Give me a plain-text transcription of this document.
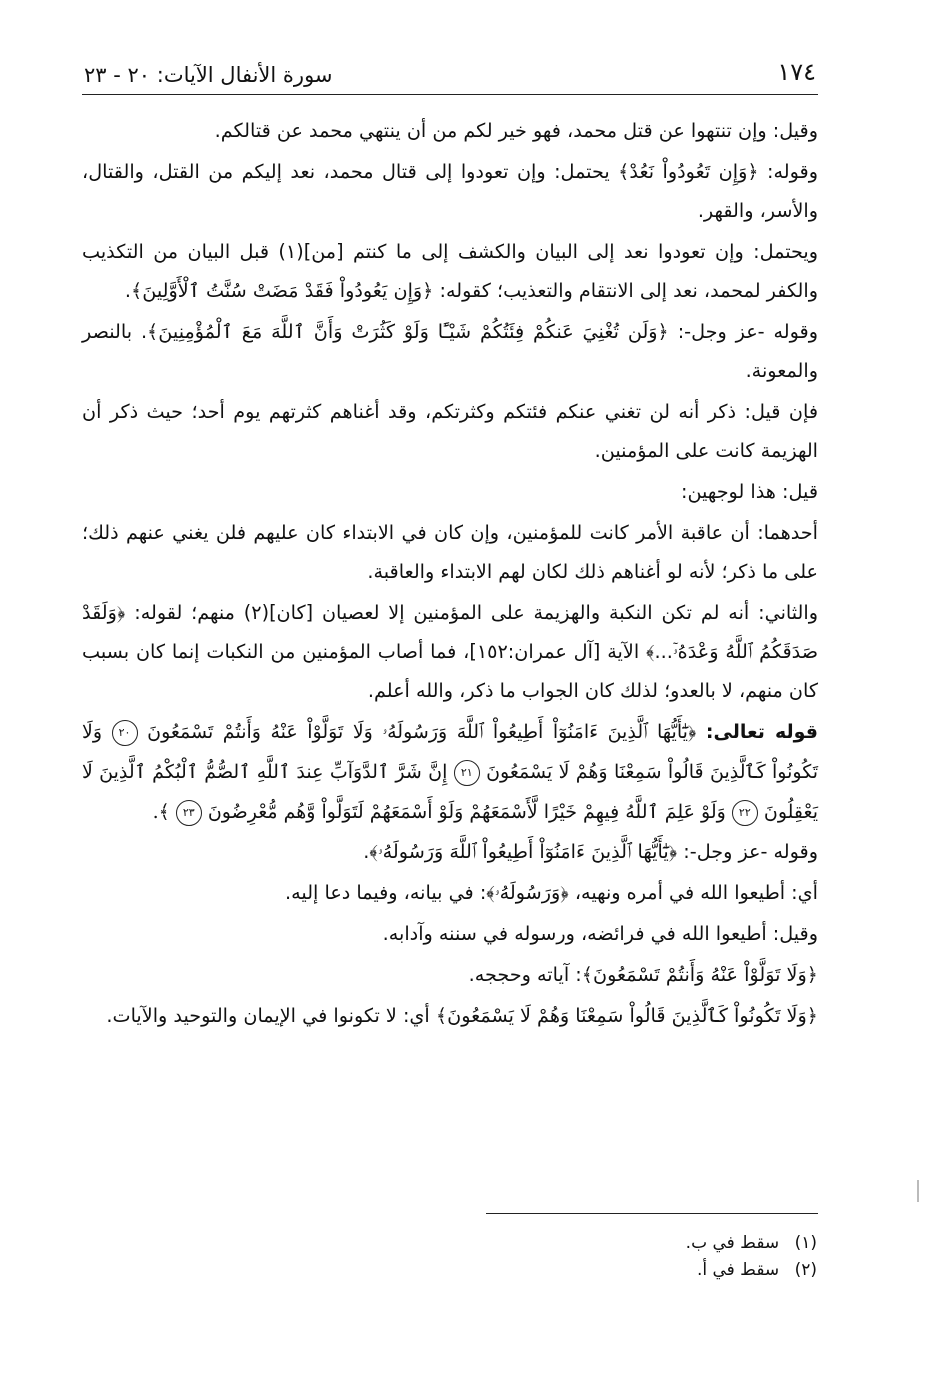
١٧٤
سورة الأنفال الآيات: ٢٠ - ٢٣

وقيل: وإن تنتهوا عن قتل محمد، فهو خير لكم من أن ينتهي محمد عن قتالكم.

وقوله: ﴿وَإِن تَعُودُواْ نَعُدْ﴾ يحتمل: وإن تعودوا إلى قتال محمد، نعد إليكم من القتل، والقتال، والأسر، والقهر.

ويحتمل: وإن تعودوا نعد إلى البيان والكشف إلى ما كنتم [من](١) قبل البيان من التكذيب والكفر لمحمد، نعد إلى الانتقام والتعذيب؛ كقوله: ﴿وَإِن يَعُودُواْ فَقَدْ مَضَتْ سُنَّتُ ٱلْأَوَّلِينَ﴾.

وقوله -عز وجل-: ﴿وَلَن تُغْنِيَ عَنكُمْ فِئَتُكُمْ شَيْـًٔا وَلَوْ كَثُرَتْ وَأَنَّ ٱللَّهَ مَعَ ٱلْمُؤْمِنِينَ﴾. بالنصر والمعونة.

فإن قيل: ذكر أنه لن تغني عنكم فئتكم وكثرتكم، وقد أغناهم كثرتهم يوم أحد؛ حيث ذكر أن الهزيمة كانت على المؤمنين.

قيل: هذا لوجهين:

أحدهما: أن عاقبة الأمر كانت للمؤمنين، وإن كان في الابتداء كان عليهم فلن يغني عنهم ذلك؛ على ما ذكر؛ لأنه لو أغناهم ذلك لكان لهم الابتداء والعاقبة.

والثاني: أنه لم تكن النكبة والهزيمة على المؤمنين إلا لعصيان [كان](٢) منهم؛ لقوله: ﴿وَلَقَدْ صَدَقَكُمُ ٱللَّهُ وَعْدَهُۥٓ...﴾ الآية [آل عمران:١٥٢]، فما أصاب المؤمنين من النكبات إنما كان بسبب كان منهم، لا بالعدو؛ لذلك كان الجواب ما ذكر، والله أعلم.

قوله تعالى: ﴿يَٰٓأَيُّهَا ٱلَّذِينَ ءَامَنُوٓاْ أَطِيعُواْ ٱللَّهَ وَرَسُولَهُۥ وَلَا تَوَلَّوْاْ عَنْهُ وَأَنتُمْ تَسْمَعُونَ ٢٠ وَلَا تَكُونُواْ كَٱلَّذِينَ قَالُواْ سَمِعْنَا وَهُمْ لَا يَسْمَعُونَ ٢١ إِنَّ شَرَّ ٱلدَّوَآبِّ عِندَ ٱللَّهِ ٱلصُّمُّ ٱلْبُكْمُ ٱلَّذِينَ لَا يَعْقِلُونَ ٢٢ وَلَوْ عَلِمَ ٱللَّهُ فِيهِمْ خَيْرًا لَّأَسْمَعَهُمْ وَلَوْ أَسْمَعَهُمْ لَتَوَلَّواْ وَّهُم مُّعْرِضُونَ ٢٣ ﴾.

وقوله -عز وجل-: ﴿يَٰٓأَيُّهَا ٱلَّذِينَ ءَامَنُوٓاْ أَطِيعُواْ ٱللَّهَ وَرَسُولَهُۥ﴾.

أي: أطيعوا الله في أمره ونهيه، ﴿وَرَسُولَهُۥ﴾: في بيانه، وفيما دعا إليه.

وقيل: أطيعوا الله في فرائضه، ورسوله في سننه وآدابه.

﴿وَلَا تَوَلَّوْاْ عَنْهُ وَأَنتُمْ تَسْمَعُونَ﴾: آياته وحججه.

﴿وَلَا تَكُونُواْ كَٱلَّذِينَ قَالُواْ سَمِعْنَا وَهُمْ لَا يَسْمَعُونَ﴾ أي: لا تكونوا في الإيمان والتوحيد والآيات.

(١) سقط في ب.
(٢) سقط في أ.
